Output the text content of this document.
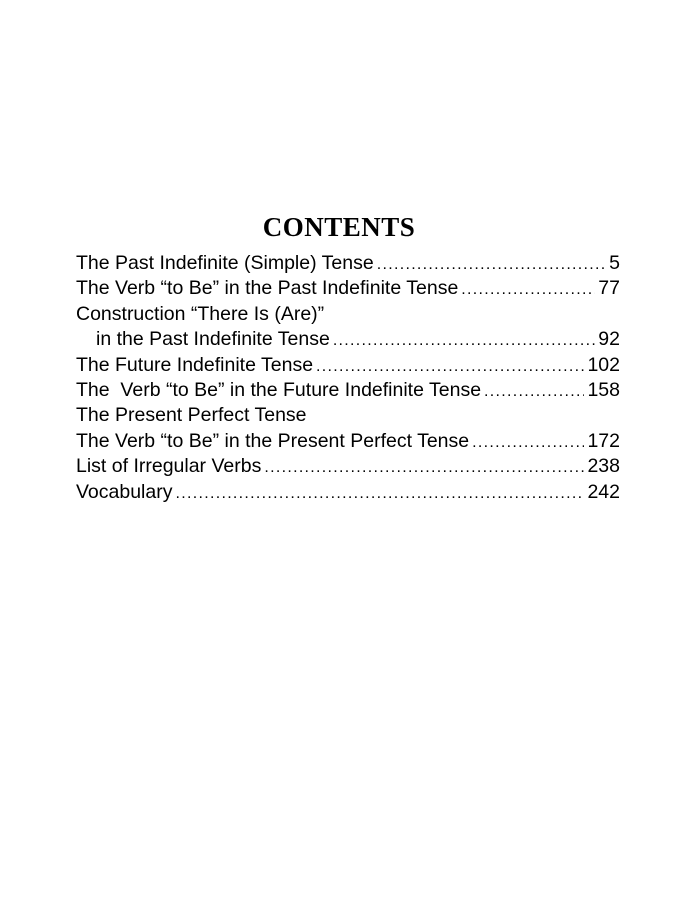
CONTENTS
The Past Indefinite (Simple) Tense .....	5
The Verb “to Be” in the Past Indefinite Tense .....	77
Construction “There Is (Are)”
in the Past Indefinite Tense .....	92
The Future Indefinite Tense .....	102
The  Verb “to Be” in the Future Indefinite Tense .....	158
The Present Perfect Tense
The Verb “to Be” in the Present Perfect Tense .....	172
List of Irregular Verbs .....	238
Vocabulary .....	242
